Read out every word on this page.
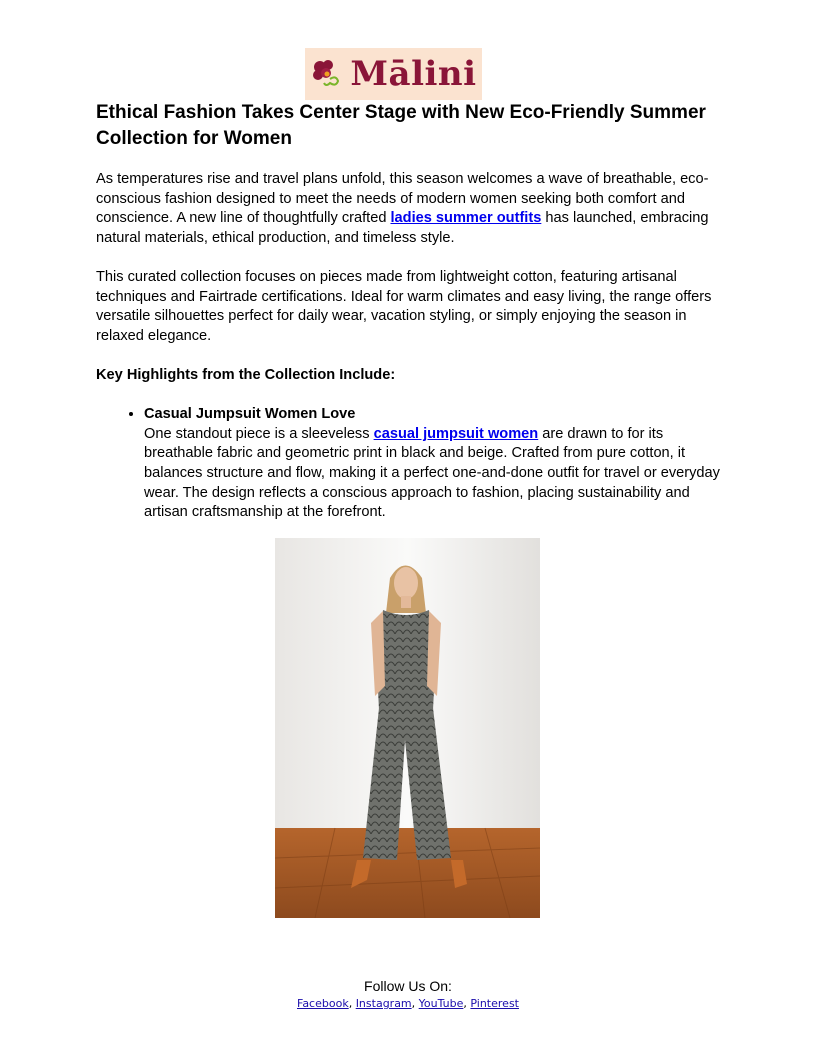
Mālini
Ethical Fashion Takes Center Stage with New Eco-Friendly Summer Collection for Women

As temperatures rise and travel plans unfold, this season welcomes a wave of breathable, eco-conscious fashion designed to meet the needs of modern women seeking both comfort and conscience. A new line of thoughtfully crafted ladies summer outfits has launched, embracing natural materials, ethical production, and timeless style.

This curated collection focuses on pieces made from lightweight cotton, featuring artisanal techniques and Fairtrade certifications. Ideal for warm climates and easy living, the range offers versatile silhouettes perfect for daily wear, vacation styling, or simply enjoying the season in relaxed elegance.

Key Highlights from the Collection Include:

• Casual Jumpsuit Women Love
One standout piece is a sleeveless casual jumpsuit women are drawn to for its breathable fabric and geometric print in black and beige. Crafted from pure cotton, it balances structure and flow, making it a perfect one-and-done outfit for travel or everyday wear. The design reflects a conscious approach to fashion, placing sustainability and artisan craftsmanship at the forefront.
Follow Us On:
Facebook, Instagram, YouTube, Pinterest
